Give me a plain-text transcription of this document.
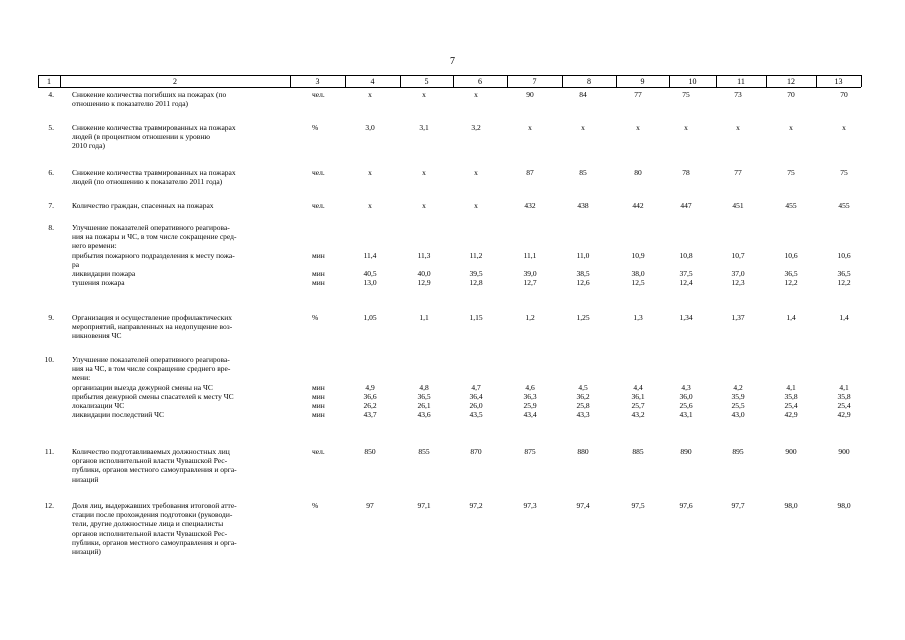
7
1	2	3	4	5	6	7	8	9	10	11	12	13
4. Снижение количества погибших на пожарах (по
отношению к показателю 2011 года)
чел.	x	x	x	90	84	77	75	73	70	70
5. Снижение количества травмированных на пожарах
людей (в процентном отношении к уровню
2010 года)
%	3,0	3,1	3,2	x	x	x	x	x	x	x
6. Снижение количества травмированных на пожарах
людей (по отношению к показателю 2011 года)
чел.	x	x	x	87	85	80	78	77	75	75
7. Количество граждан, спасенных на пожарах	чел.	x	x	x	432	438	442	447	451	455	455
8. Улучшение показателей оперативного реагирова-
ния на пожары и ЧС, в том числе сокращение сред-
него времени:
прибытия пожарного подразделения к месту пожа-
ра
мин	11,4	11,3	11,2	11,1	11,0	10,9	10,8	10,7	10,6	10,6
ликвидации пожара	мин	40,5	40,0	39,5	39,0	38,5	38,0	37,5	37,0	36,5	36,5
тушения пожара	мин	13,0	12,9	12,8	12,7	12,6	12,5	12,4	12,3	12,2	12,2
9. Организация и осуществление профилактических
мероприятий, направленных на недопущение воз-
никновения ЧС
%	1,05	1,1	1,15	1,2	1,25	1,3	1,34	1,37	1,4	1,4
10. Улучшение показателей оперативного реагирова-
ния на ЧС, в том числе сокращение среднего вре-
мени:
организации выезда дежурной смены на ЧС	мин	4,9	4,8	4,7	4,6	4,5	4,4	4,3	4,2	4,1	4,1
прибытия дежурной смены спасателей к месту ЧС	мин	36,6	36,5	36,4	36,3	36,2	36,1	36,0	35,9	35,8	35,8
локализации ЧС	мин	26,2	26,1	26,0	25,9	25,8	25,7	25,6	25,5	25,4	25,4
ликвидации последствий ЧС	мин	43,7	43,6	43,5	43,4	43,3	43,2	43,1	43,0	42,9	42,9
11. Количество подготавливаемых должностных лиц
органов исполнительной власти Чувашской Рес-
публики, органов местного самоуправления и орга-
низаций
чел.	850	855	870	875	880	885	890	895	900	900
12. Доля лиц, выдержавших требования итоговой атте-
стации после прохождения подготовки (руководи-
тели, другие должностные лица и специалисты
органов исполнительной власти Чувашской Рес-
публики, органов местного самоуправления и орга-
низаций)
%	97	97,1	97,2	97,3	97,4	97,5	97,6	97,7	98,0	98,0
